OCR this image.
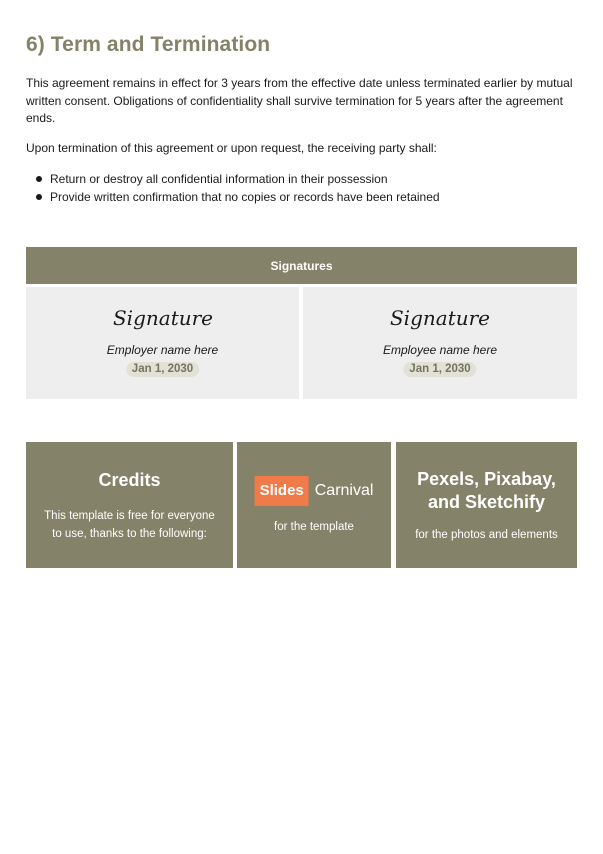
6) Term and Termination

This agreement remains in effect for 3 years from the effective date unless terminated earlier by mutual written consent. Obligations of confidentiality shall survive termination for 5 years after the agreement ends.

Upon termination of this agreement or upon request, the receiving party shall:

Return or destroy all confidential information in their possession
Provide written confirmation that no copies or records have been retained
Signatures
Signature
Employer name here
Jan 1, 2030
Signature
Employee name here
Jan 1, 2030
Credits
This template is free for everyone to use, thanks to the following:
Slides Carnival
for the template
Pexels, Pixabay, and Sketchify
for the photos and elements
